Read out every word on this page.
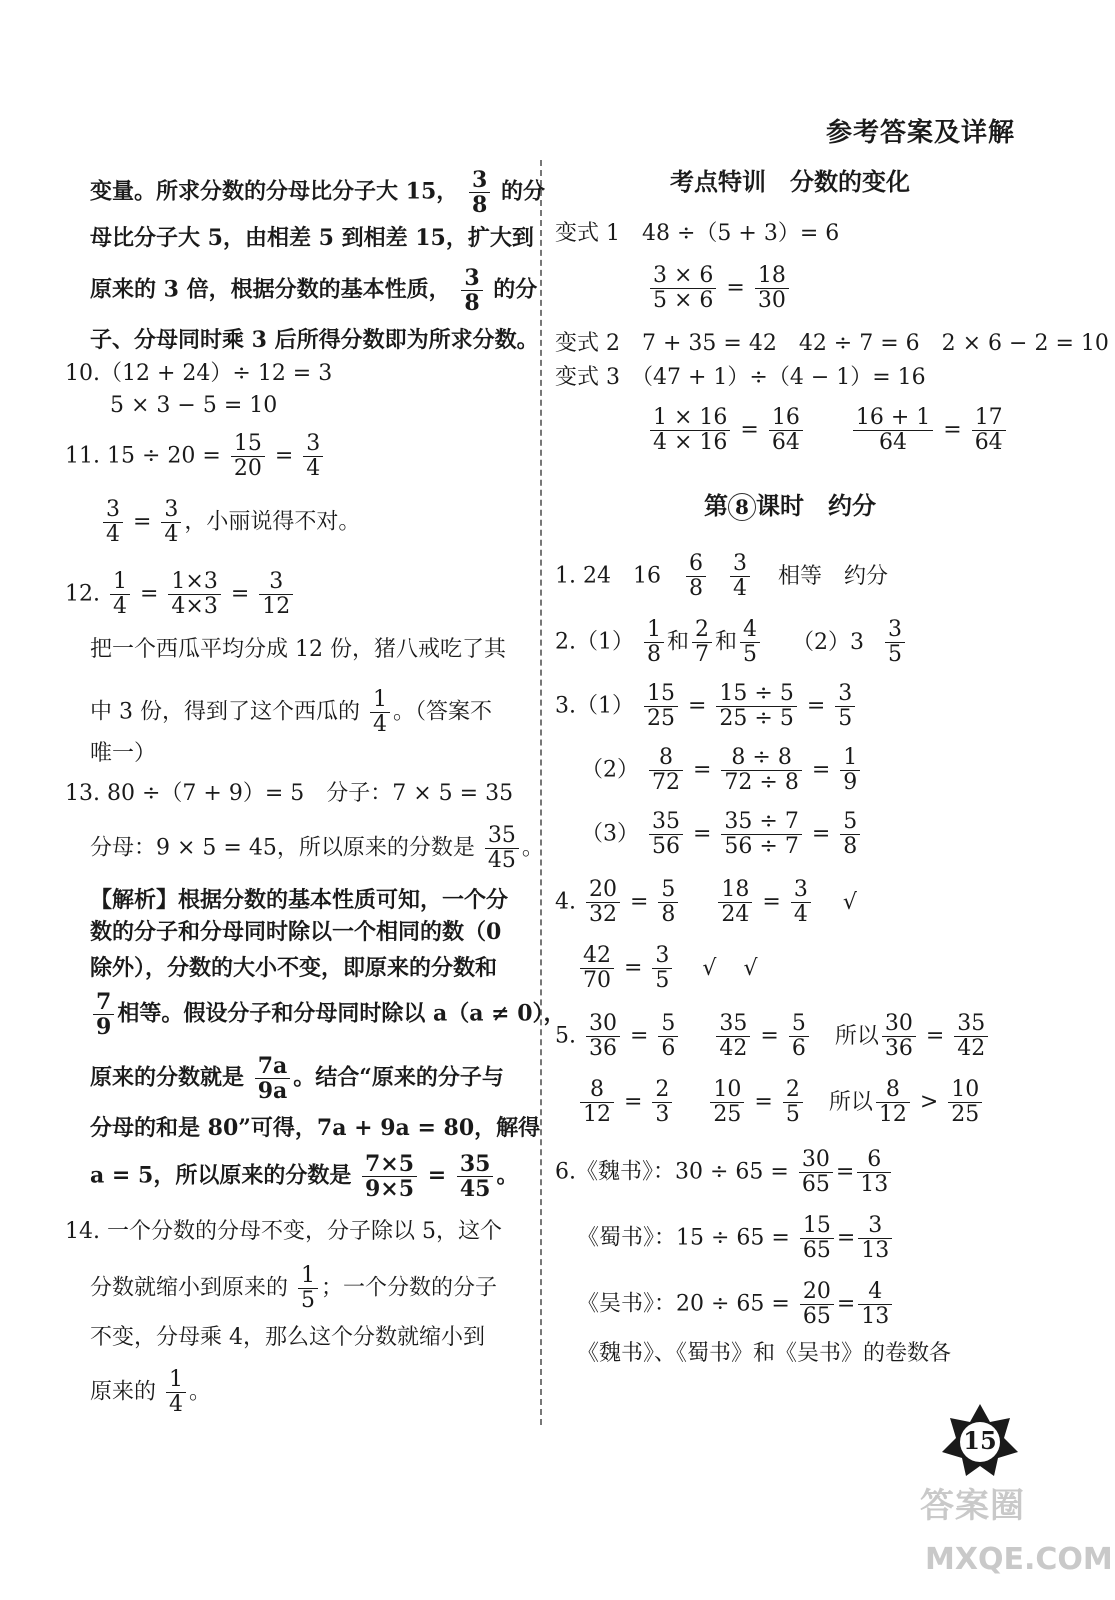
参考答案及详解
变量。所求分数的分母比分子大 15， $\frac{3}{8}$ 的分
母比分子大 5，由相差 5 到相差 15，扩大到
原来的 3 倍，根据分数的基本性质， $\frac{3}{8}$ 的分
子、分母同时乘 3 后所得分数即为所求分数。
10.（12 + 24）÷ 12 = 3
5 × 3 − 5 = 10
11. $15 \div 20 = \frac{15}{20} = \frac{3}{4}$
$\frac{3}{4} = \frac{3}{4}$ ，小丽说得不对。
12. $\frac{1}{4} = \frac{1\times 3}{4\times 3} = \frac{3}{12}$
把一个西瓜平均分成 12 份，猪八戒吃了其
中 3 份，得到了这个西瓜的 $\frac{1}{4}$ 。（答案不
唯一）
13. 80 ÷（7 + 9）= 5　分子：7 × 5 = 35
分母：9 × 5 = 45，所以原来的分数是 $\frac{35}{45}$ 。
【解析】根据分数的基本性质可知，一个分
数的分子和分母同时除以一个相同的数（0
除外），分数的大小不变，即原来的分数和
$\frac{7}{9}$ 相等。假设分子和分母同时除以 a（a ≠ 0），
原来的分数就是 $\frac{7a}{9a}$ 。结合“原来的分子与
分母的和是 80”可得，7a + 9a = 80，解得
a = 5，所以原来的分数是 $\frac{7\times 5}{9\times 5} = \frac{35}{45}$ 。
14. 一个分数的分母不变，分子除以 5，这个
分数就缩小到原来的 $\frac{1}{5}$ ；一个分数的分子
不变，分母乘 4，那么这个分数就缩小到
原来的 $\frac{1}{4}$ 。
考点特训　分数的变化
变式 1　48 ÷（5 + 3）= 6
$\frac{3 \times 6}{5 \times 6} = \frac{18}{30}$
变式 2　7 + 35 = 42　42 ÷ 7 = 6　2 × 6 − 2 = 10
变式 3　（47 + 1）÷（4 − 1）= 16
$\frac{1 \times 16}{4 \times 16} = \frac{16}{64}$
$\frac{16 + 1}{64} = \frac{17}{64}$
第 8 课时　约分
1. 24　$16 \frac{6}{8}$
$\frac{3}{4}$ 相等　约分
$2.(1) \frac{1}{8}$ 和 $\frac{2}{7}$ 和 $\frac{4}{5} (2)3 \frac{3}{5}$
$3.(1) \frac{15}{25} = \frac{15 \div 5}{25 \div 5} = \frac{3}{5}$
$(2) \frac{8}{72} = \frac{8 \div 8}{72 \div 8} = \frac{1}{9}$
$(3) \frac{35}{56} = \frac{35 \div 7}{56 \div 7} = \frac{5}{8}$
4. $\frac{20}{32} = \frac{5}{8}$
$\frac{18}{24} = \frac{3}{4}$ √
$\frac{42}{70} = \frac{3}{5}$ √ √
5. $\frac{30}{36} = \frac{5}{6}$
$\frac{35}{42} = \frac{5}{6}$ 所以 $\frac{30}{36} = \frac{35}{42}$
$\frac{8}{12} = \frac{2}{3}$
$\frac{10}{25} = \frac{2}{5}$ 所以 $\frac{8}{12} > \frac{10}{25}$
6.《魏书》：$30 \div 65 = \frac{30}{65} = \frac{6}{13}$
《蜀书》：$15 \div 65 = \frac{15}{65} = \frac{3}{13}$
《吴书》：$20 \div 65 = \frac{20}{65} = \frac{4}{13}$
《魏书》、《蜀书》和《吴书》的卷数各
15
答案圈
MXQE.COM
